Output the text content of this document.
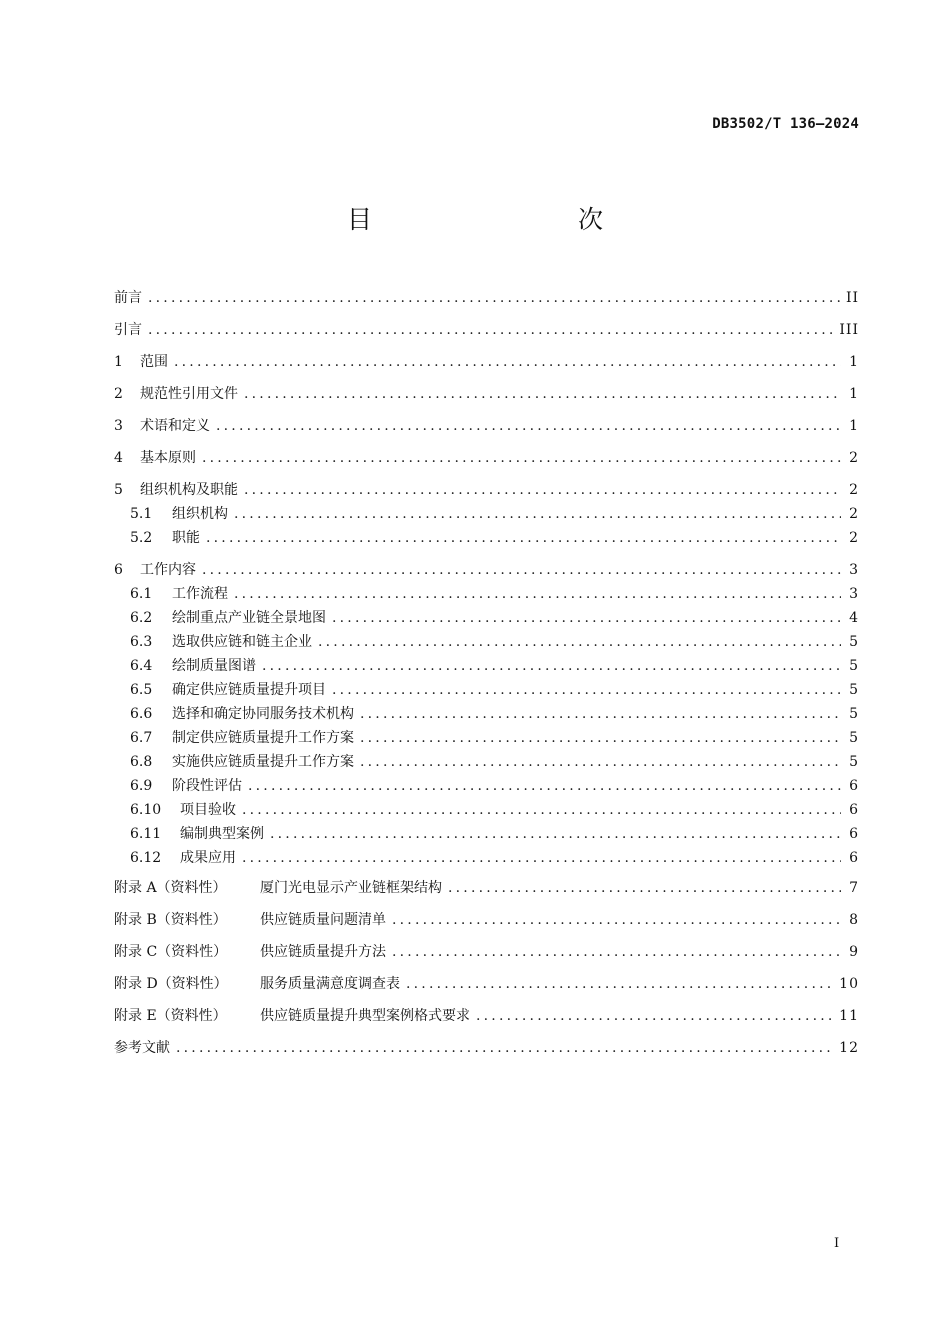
DB3502/T 136—2024
目　　次
前言 .....	II
引言 .....	III
1	范围 .....	1
2	规范性引用文件 .....	1
3	术语和定义 .....	1
4	基本原则 .....	2
5	组织机构及职能 .....	2
5.1	组织机构 .....	2
5.2	职能 .....	2
6	工作内容 .....	3
6.1	工作流程 .....	3
6.2	绘制重点产业链全景地图 .....	4
6.3	选取供应链和链主企业 .....	5
6.4	绘制质量图谱 .....	5
6.5	确定供应链质量提升项目 .....	5
6.6	选择和确定协同服务技术机构 .....	5
6.7	制定供应链质量提升工作方案 .....	5
6.8	实施供应链质量提升工作方案 .....	5
6.9	阶段性评估 .....	6
6.10	项目验收 .....	6
6.11	编制典型案例 .....	6
6.12	成果应用 .....	6
附录 A（资料性）	厦门光电显示产业链框架结构 .....	7
附录 B（资料性）	供应链质量问题清单 .....	8
附录 C（资料性）	供应链质量提升方法 .....	9
附录 D（资料性）	服务质量满意度调查表 .....	10
附录 E（资料性）	供应链质量提升典型案例格式要求 .....	11
参考文献 .....	12
I
